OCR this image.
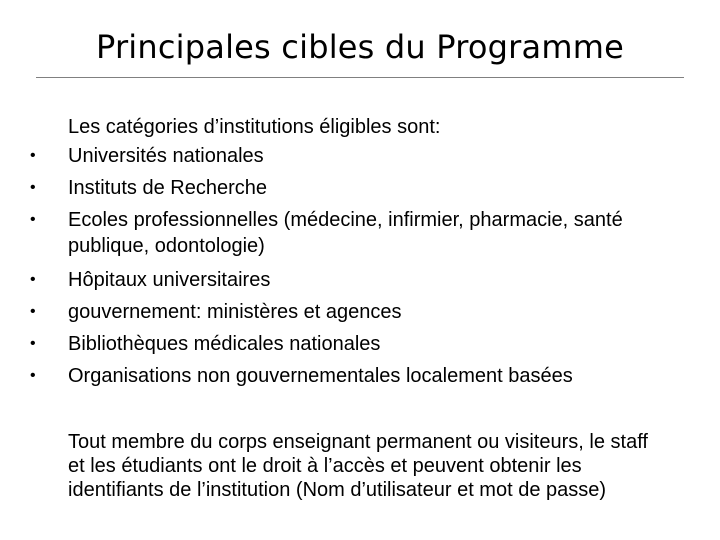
Principales cibles du Programme
Les catégories d’institutions éligibles sont:
• Universités nationales
• Instituts de Recherche
• Ecoles professionnelles (médecine, infirmier, pharmacie, santé publique, odontologie)
• Hôpitaux universitaires
• gouvernement: ministères et agences
• Bibliothèques médicales nationales
• Organisations non gouvernementales localement basées
Tout membre du corps enseignant permanent ou visiteurs, le staff et les étudiants ont le droit à l’accès et peuvent obtenir les identifiants de l’institution (Nom d’utilisateur et mot de passe)
